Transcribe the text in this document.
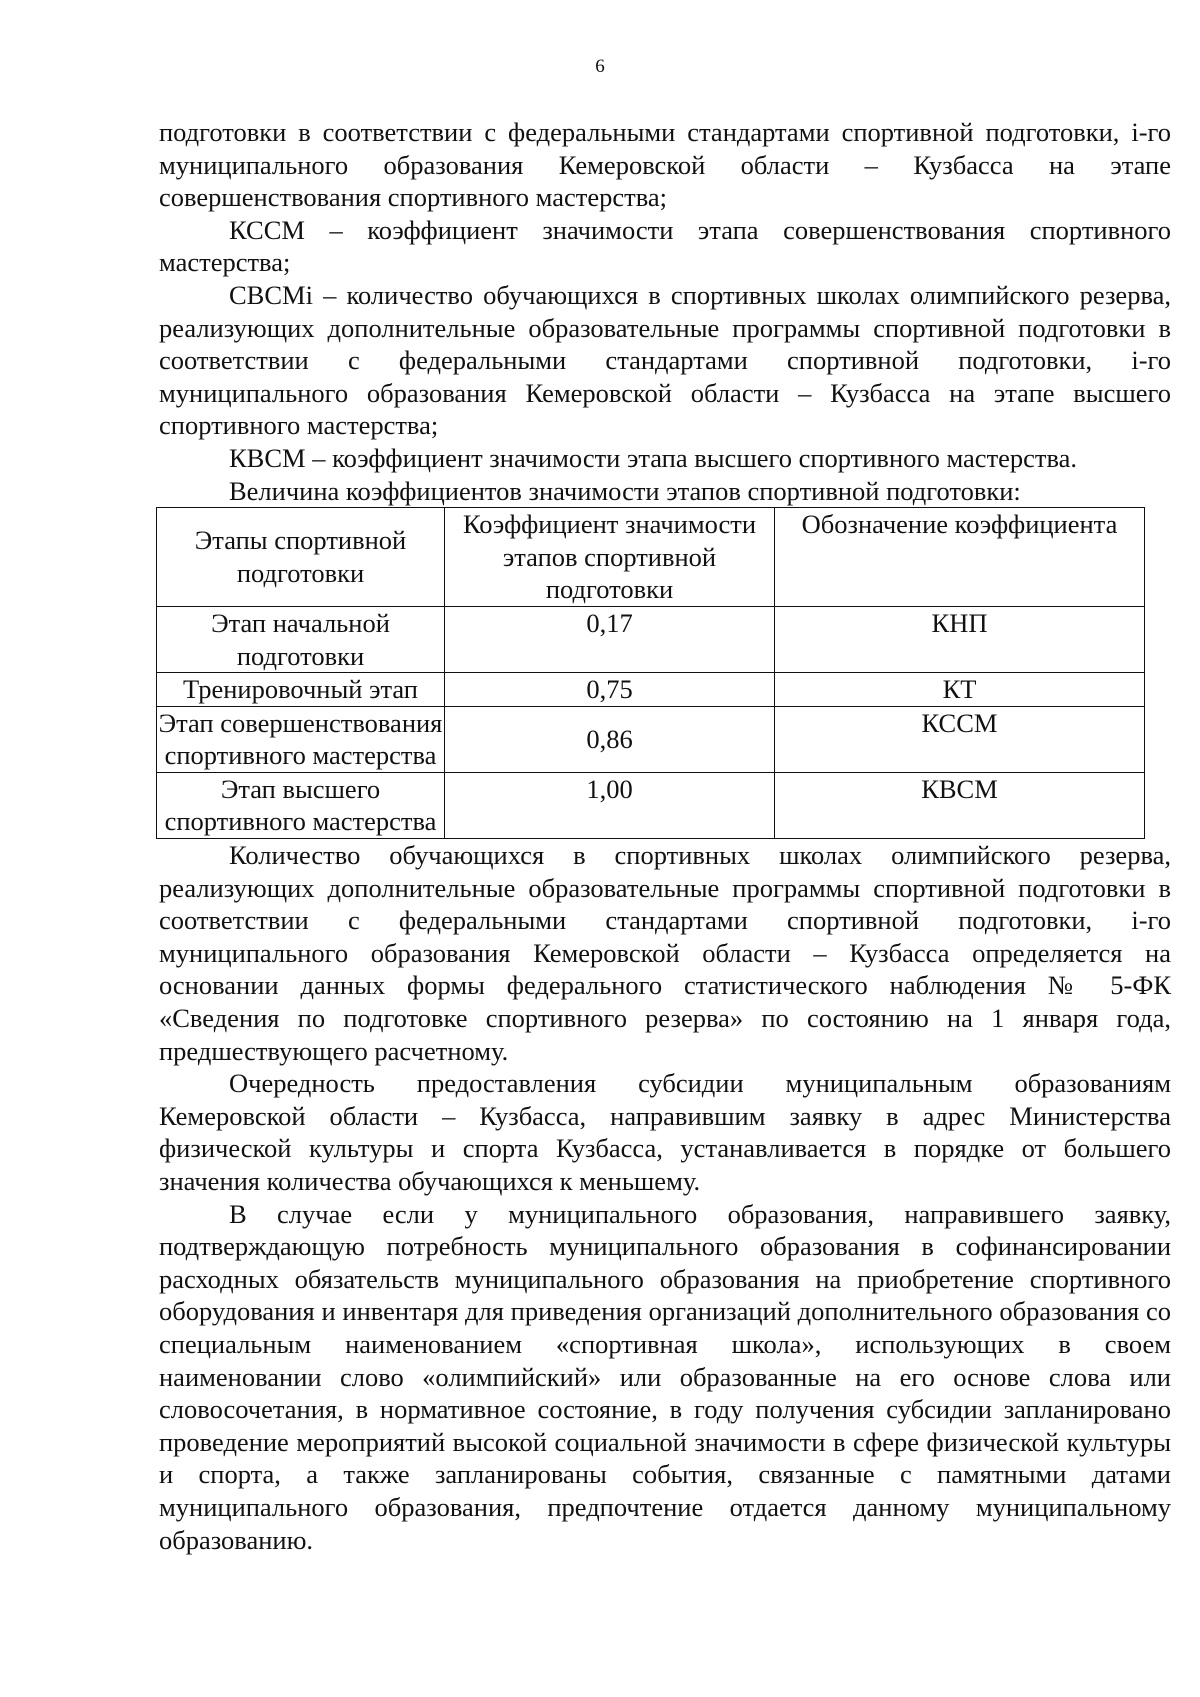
6

подготовки в соответствии с федеральными стандартами спортивной подготовки, i-го муниципального образования Кемеровской области – Кузбасса на этапе совершенствования спортивного мастерства;

КССМ – коэффициент значимости этапа совершенствования спортивного мастерства;

СВСМi – количество обучающихся в спортивных школах олимпийского резерва, реализующих дополнительные образовательные программы спортивной подготовки в соответствии с федеральными стандартами спортивной подготовки, i-го муниципального образования Кемеровской области – Кузбасса на этапе высшего спортивного мастерства;

КВСМ – коэффициент значимости этапа высшего спортивного мастерства.

Величина коэффициентов значимости этапов спортивной подготовки:

Этапы спортивной подготовки	Коэффициент значимости этапов спортивной подготовки	Обозначение коэффициента
Этап начальной подготовки	0,17	КНП
Тренировочный этап	0,75	КТ
Этап совершенствования спортивного мастерства	0,86	КССМ
Этап высшего спортивного мастерства	1,00	КВСМ

Количество обучающихся в спортивных школах олимпийского резерва, реализующих дополнительные образовательные программы спортивной подготовки в соответствии с федеральными стандартами спортивной подготовки, i-го муниципального образования Кемеровской области – Кузбасса определяется на основании данных формы федерального статистического наблюдения № 5-ФК «Сведения по подготовке спортивного резерва» по состоянию на 1 января года, предшествующего расчетному.

Очередность предоставления субсидии муниципальным образованиям Кемеровской области – Кузбасса, направившим заявку в адрес Министерства физической культуры и спорта Кузбасса, устанавливается в порядке от большего значения количества обучающихся к меньшему.

В случае если у муниципального образования, направившего заявку, подтверждающую потребность муниципального образования в софинансировании расходных обязательств муниципального образования на приобретение спортивного оборудования и инвентаря для приведения организаций дополнительного образования со специальным наименованием «спортивная школа», использующих в своем наименовании слово «олимпийский» или образованные на его основе слова или словосочетания, в нормативное состояние, в году получения субсидии запланировано проведение мероприятий высокой социальной значимости в сфере физической культуры и спорта, а также запланированы события, связанные с памятными датами муниципального образования, предпочтение отдается данному муниципальному образованию.
